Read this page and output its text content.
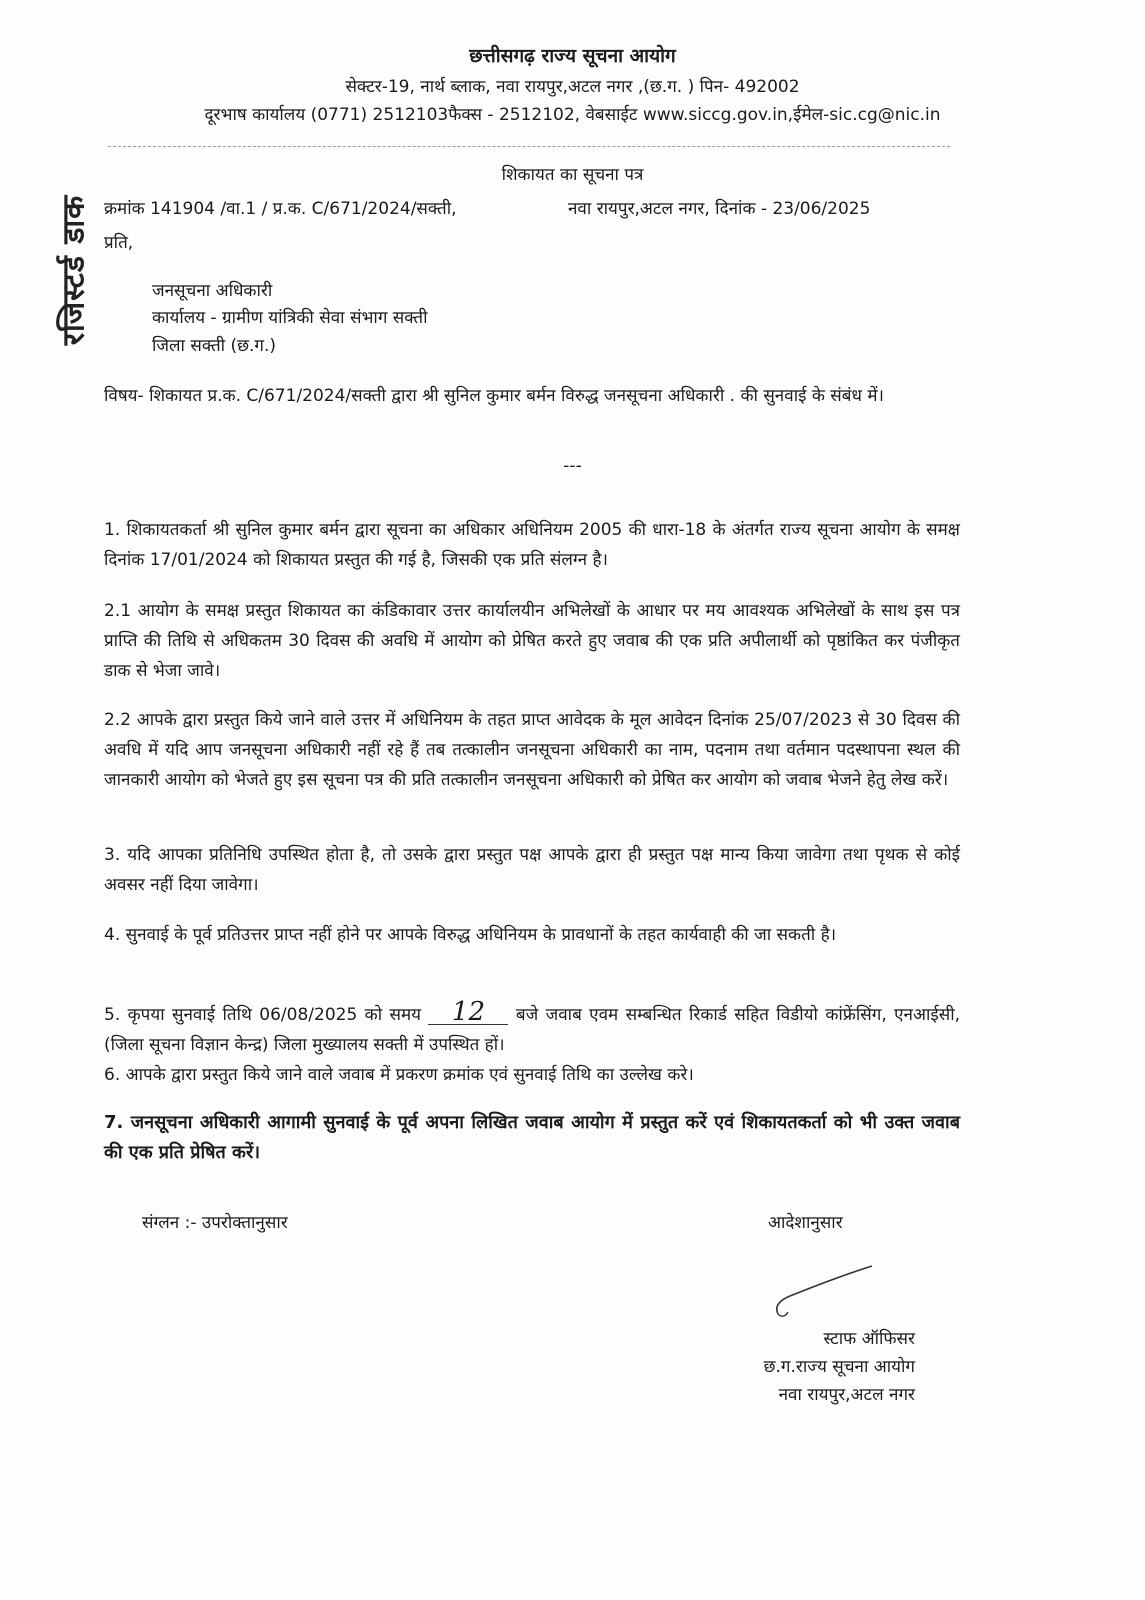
छत्तीसगढ़ राज्य सूचना आयोग
सेक्टर-19, नार्थ ब्लाक, नवा रायपुर,अटल नगर ,(छ.ग. ) पिन- 492002
दूरभाष कार्यालय (0771) 2512103फैक्स - 2512102, वेबसाईट www.siccg.gov.in,ईमेल-sic.cg@nic.in
रजिस्टर्ड डाक
शिकायत का सूचना पत्र
क्रमांक 141904 /वा.1 / प्र.क. C/671/2024/सक्ती,	नवा रायपुर,अटल नगर, दिनांक - 23/06/2025
प्रति,
जनसूचना अधिकारी
कार्यालय - ग्रामीण यांत्रिकी सेवा संभाग सक्ती
जिला सक्ती (छ.ग.)
विषय- शिकायत प्र.क. C/671/2024/सक्ती द्वारा श्री सुनिल कुमार बर्मन विरुद्ध जनसूचना अधिकारी . की सुनवाई के संबंध में।
---
1. शिकायतकर्ता श्री सुनिल कुमार बर्मन द्वारा सूचना का अधिकार अधिनियम 2005 की धारा-18 के अंतर्गत राज्य सूचना आयोग के समक्ष दिनांक 17/01/2024 को शिकायत प्रस्तुत की गई है, जिसकी एक प्रति संलग्न है।
2.1 आयोग के समक्ष प्रस्तुत शिकायत का कंडिकावार उत्तर कार्यालयीन अभिलेखों के आधार पर मय आवश्यक अभिलेखों के साथ इस पत्र प्राप्ति की तिथि से अधिकतम 30 दिवस की अवधि में आयोग को प्रेषित करते हुए जवाब की एक प्रति अपीलार्थी को पृष्ठांकित कर पंजीकृत डाक से भेजा जावे।
2.2 आपके द्वारा प्रस्तुत किये जाने वाले उत्तर में अधिनियम के तहत प्राप्त आवेदक के मूल आवेदन दिनांक 25/07/2023 से 30 दिवस की अवधि में यदि आप जनसूचना अधिकारी नहीं रहे हैं तब तत्कालीन जनसूचना अधिकारी का नाम, पदनाम तथा वर्तमान पदस्थापना स्थल की जानकारी आयोग को भेजते हुए इस सूचना पत्र की प्रति तत्कालीन जनसूचना अधिकारी को प्रेषित कर आयोग को जवाब भेजने हेतु लेख करें।
3. यदि आपका प्रतिनिधि उपस्थित होता है, तो उसके द्वारा प्रस्तुत पक्ष आपके द्वारा ही प्रस्तुत पक्ष मान्य किया जावेगा तथा पृथक से कोई अवसर नहीं दिया जावेगा।
4. सुनवाई के पूर्व प्रतिउत्तर प्राप्त नहीं होने पर आपके विरुद्ध अधिनियम के प्रावधानों के तहत कार्यवाही की जा सकती है।
5. कृपया सुनवाई तिथि 06/08/2025 को समय 12 बजे जवाब एवम सम्बन्धित रिकार्ड सहित विडीयो कांफ्रेंसिंग, एनआईसी,(जिला सूचना विज्ञान केन्द्र) जिला मुख्यालय सक्ती में उपस्थित हों।
6. आपके द्वारा प्रस्तुत किये जाने वाले जवाब में प्रकरण क्रमांक एवं सुनवाई तिथि का उल्लेख करे।
7. जनसूचना अधिकारी आगामी सुनवाई के पूर्व अपना लिखित जवाब आयोग में प्रस्तुत करें एवं शिकायतकर्ता को भी उक्त जवाब की एक प्रति प्रेषित करें।
संग्लन :- उपरोक्तानुसार	आदेशानुसार
स्टाफ ऑफिसर
छ.ग.राज्य सूचना आयोग
नवा रायपुर,अटल नगर
